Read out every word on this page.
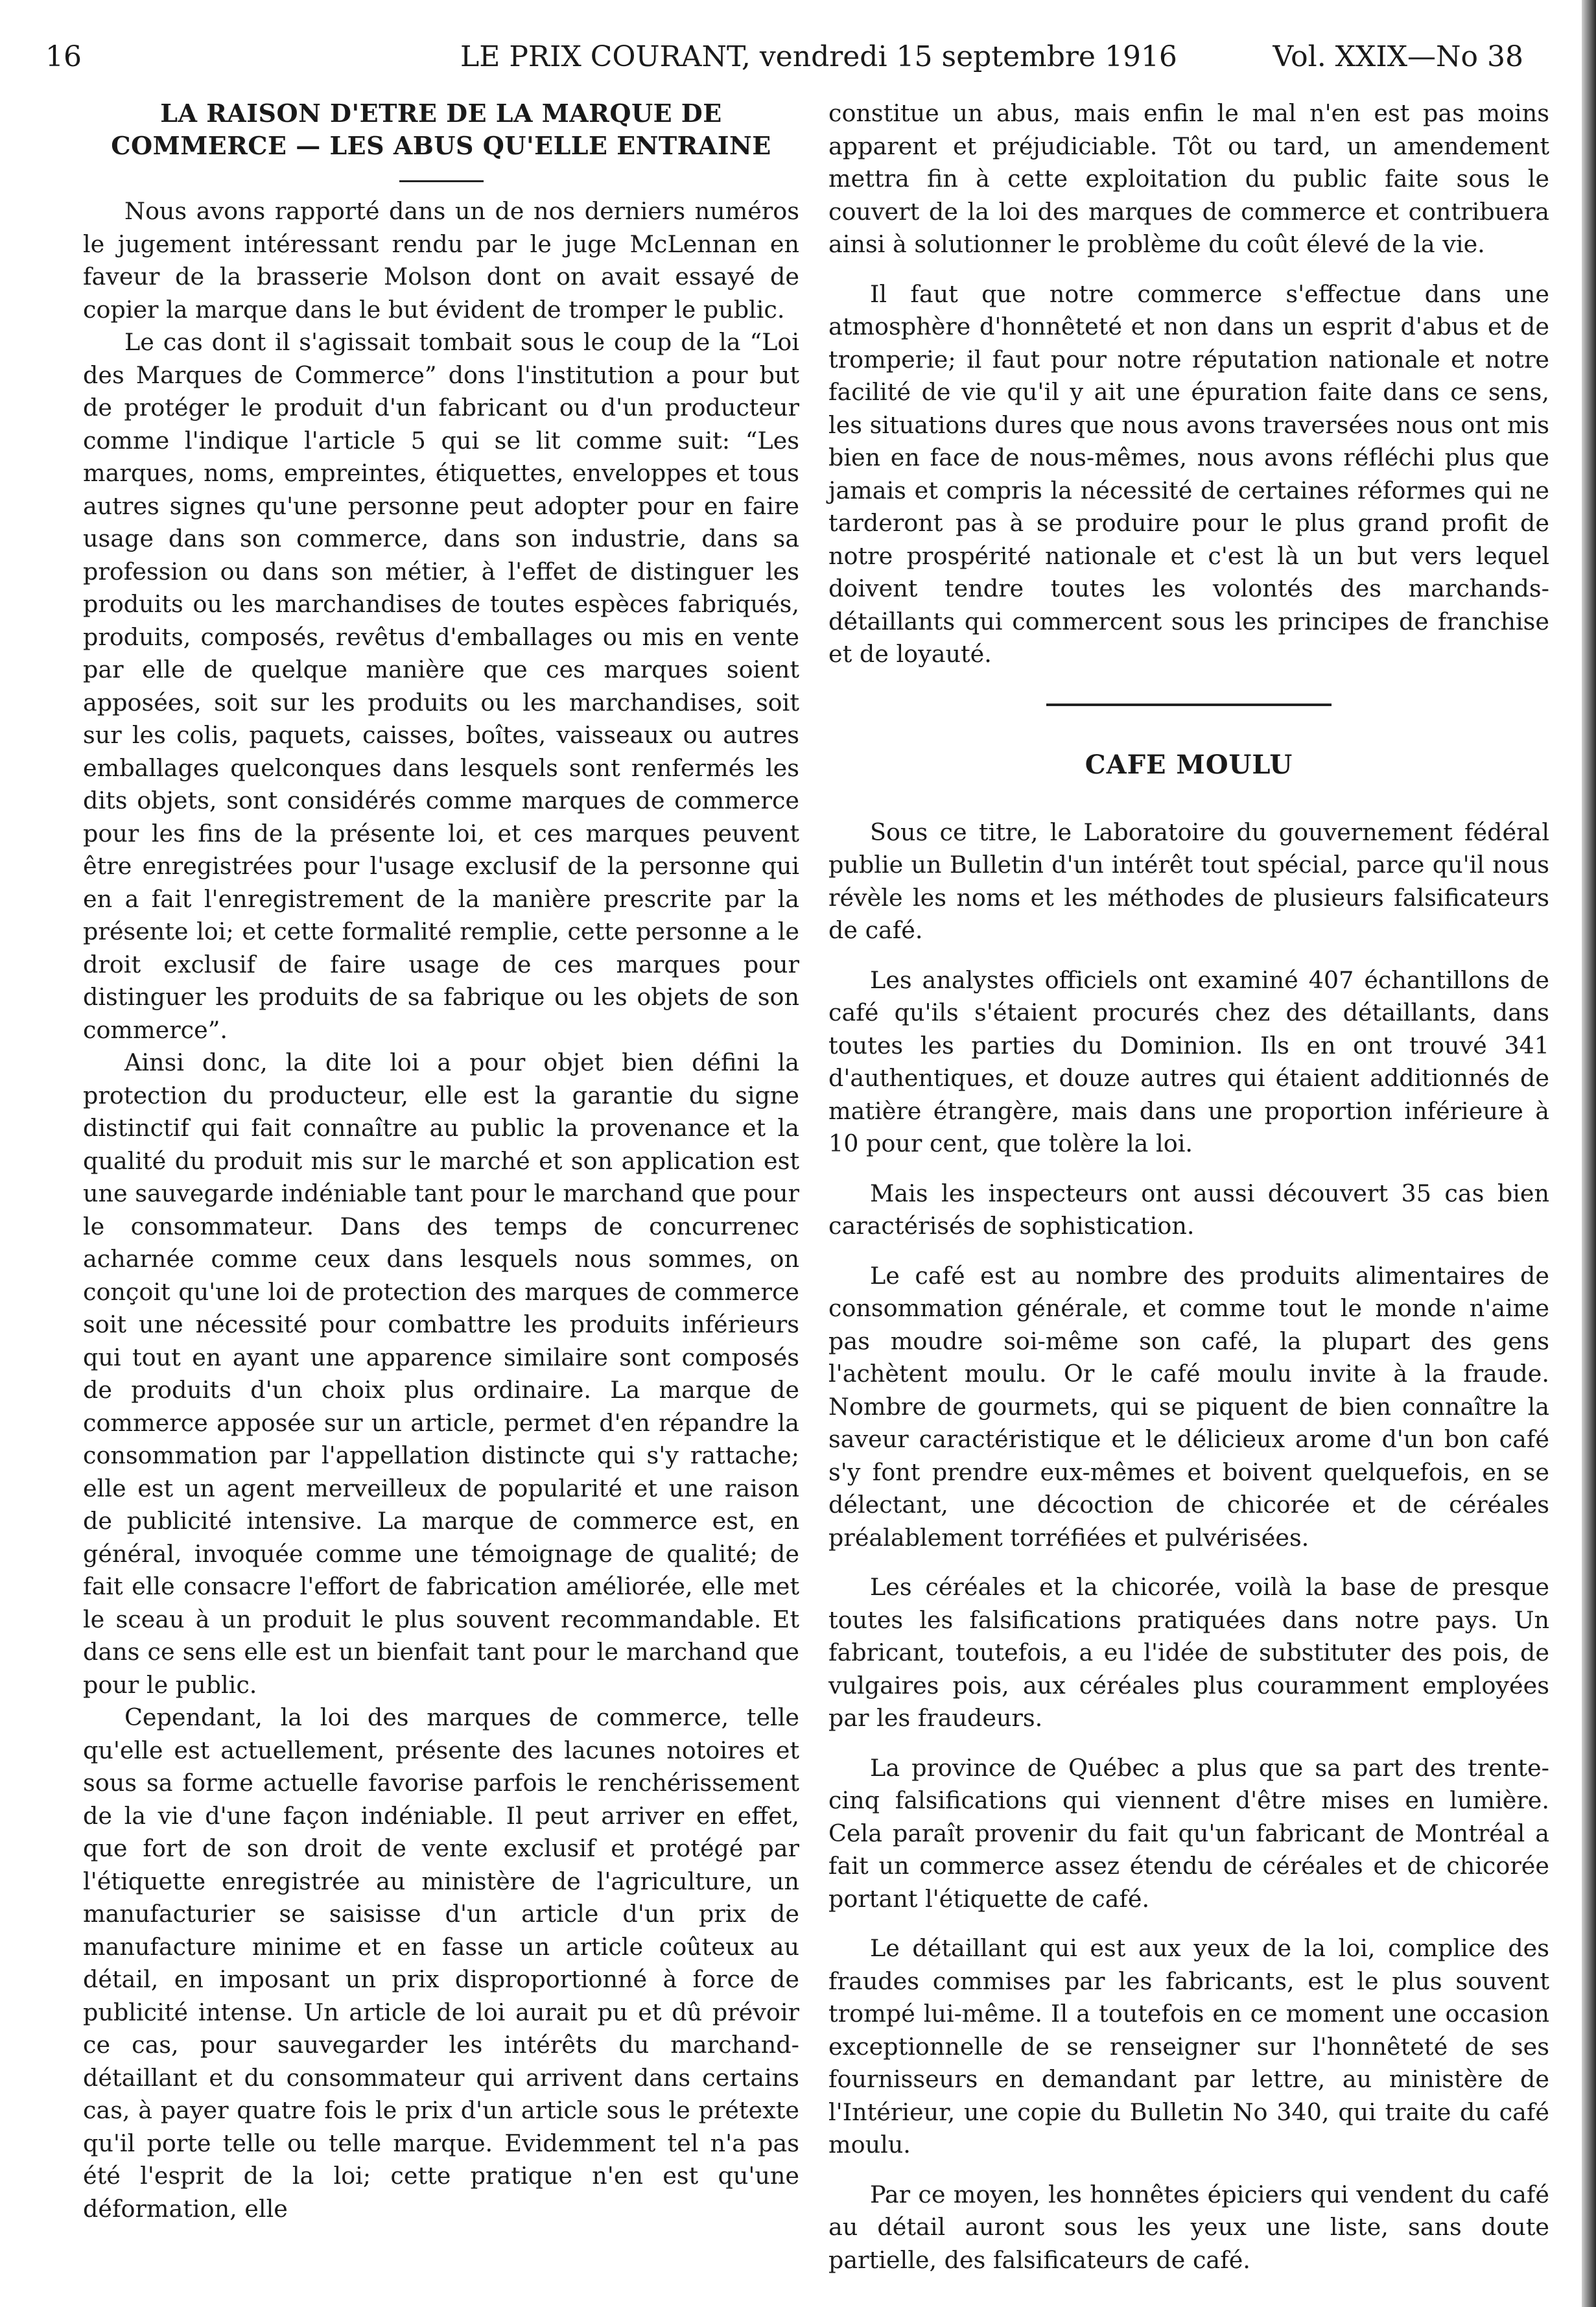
16	LE PRIX COURANT, vendredi 15 septembre 1916	Vol. XXIX—No 38
LA RAISON D'ETRE DE LA MARQUE DE COMMERCE — LES ABUS QU'ELLE ENTRAINE

Nous avons rapporté dans un de nos derniers numéros le jugement intéressant rendu par le juge McLennan en faveur de la brasserie Molson dont on avait essayé de copier la marque dans le but évident de tromper le public.

Le cas dont il s'agissait tombait sous le coup de la “Loi des Marques de Commerce” dons l'institution a pour but de protéger le produit d'un fabricant ou d'un producteur comme l'indique l'article 5 qui se lit comme suit: “Les marques, noms, empreintes, étiquettes, enveloppes et tous autres signes qu'une personne peut adopter pour en faire usage dans son commerce, dans son industrie, dans sa profession ou dans son métier, à l'effet de distinguer les produits ou les marchandises de toutes espèces fabriqués, produits, composés, revêtus d'emballages ou mis en vente par elle de quelque manière que ces marques soient apposées, soit sur les produits ou les marchandises, soit sur les colis, paquets, caisses, boîtes, vaisseaux ou autres emballages quelconques dans lesquels sont renfermés les dits objets, sont considérés comme marques de commerce pour les fins de la présente loi, et ces marques peuvent être enregistrées pour l'usage exclusif de la personne qui en a fait l'enregistrement de la manière prescrite par la présente loi; et cette formalité remplie, cette personne a le droit exclusif de faire usage de ces marques pour distinguer les produits de sa fabrique ou les objets de son commerce”.

Ainsi donc, la dite loi a pour objet bien défini la protection du producteur, elle est la garantie du signe distinctif qui fait connaître au public la provenance et la qualité du produit mis sur le marché et son application est une sauvegarde indéniable tant pour le marchand que pour le consommateur. Dans des temps de concurrenec acharnée comme ceux dans lesquels nous sommes, on conçoit qu'une loi de protection des marques de commerce soit une nécessité pour combattre les produits inférieurs qui tout en ayant une apparence similaire sont composés de produits d'un choix plus ordinaire. La marque de commerce apposée sur un article, permet d'en répandre la consommation par l'appellation distincte qui s'y rattache; elle est un agent merveilleux de popularité et une raison de publicité intensive. La marque de commerce est, en général, invoquée comme une témoignage de qualité; de fait elle consacre l'effort de fabrication améliorée, elle met le sceau à un produit le plus souvent recommandable. Et dans ce sens elle est un bienfait tant pour le marchand que pour le public.

Cependant, la loi des marques de commerce, telle qu'elle est actuellement, présente des lacunes notoires et sous sa forme actuelle favorise parfois le renchérissement de la vie d'une façon indéniable. Il peut arriver en effet, que fort de son droit de vente exclusif et protégé par l'étiquette enregistrée au ministère de l'agriculture, un manufacturier se saisisse d'un article d'un prix de manufacture minime et en fasse un article coûteux au détail, en imposant un prix disproportionné à force de publicité intense. Un article de loi aurait pu et dû prévoir ce cas, pour sauvegarder les intérêts du marchand-détaillant et du consommateur qui arrivent dans certains cas, à payer quatre fois le prix d'un article sous le prétexte qu'il porte telle ou telle marque. Evidemment tel n'a pas été l'esprit de la loi; cette pratique n'en est qu'une déformation, elle

constitue un abus, mais enfin le mal n'en est pas moins apparent et préjudiciable. Tôt ou tard, un amendement mettra fin à cette exploitation du public faite sous le couvert de la loi des marques de commerce et contribuera ainsi à solutionner le problème du coût élevé de la vie.

Il faut que notre commerce s'effectue dans une atmosphère d'honnêteté et non dans un esprit d'abus et de tromperie; il faut pour notre réputation nationale et notre facilité de vie qu'il y ait une épuration faite dans ce sens, les situations dures que nous avons traversées nous ont mis bien en face de nous-mêmes, nous avons réfléchi plus que jamais et compris la nécessité de certaines réformes qui ne tarderont pas à se produire pour le plus grand profit de notre prospérité nationale et c'est là un but vers lequel doivent tendre toutes les volontés des marchands-détaillants qui commercent sous les principes de franchise et de loyauté.

CAFE MOULU

Sous ce titre, le Laboratoire du gouvernement fédéral publie un Bulletin d'un intérêt tout spécial, parce qu'il nous révèle les noms et les méthodes de plusieurs falsificateurs de café.

Les analystes officiels ont examiné 407 échantillons de café qu'ils s'étaient procurés chez des détaillants, dans toutes les parties du Dominion. Ils en ont trouvé 341 d'authentiques, et douze autres qui étaient additionnés de matière étrangère, mais dans une proportion inférieure à 10 pour cent, que tolère la loi.

Mais les inspecteurs ont aussi découvert 35 cas bien caractérisés de sophistication.

Le café est au nombre des produits alimentaires de consommation générale, et comme tout le monde n'aime pas moudre soi-même son café, la plupart des gens l'achètent moulu. Or le café moulu invite à la fraude. Nombre de gourmets, qui se piquent de bien connaître la saveur caractéristique et le délicieux arome d'un bon café s'y font prendre eux-mêmes et boivent quelquefois, en se délectant, une décoction de chicorée et de céréales préalablement torréfiées et pulvérisées.

Les céréales et la chicorée, voilà la base de presque toutes les falsifications pratiquées dans notre pays. Un fabricant, toutefois, a eu l'idée de substituter des pois, de vulgaires pois, aux céréales plus couramment employées par les fraudeurs.

La province de Québec a plus que sa part des trente-cinq falsifications qui viennent d'être mises en lumière. Cela paraît provenir du fait qu'un fabricant de Montréal a fait un commerce assez étendu de céréales et de chicorée portant l'étiquette de café.

Le détaillant qui est aux yeux de la loi, complice des fraudes commises par les fabricants, est le plus souvent trompé lui-même. Il a toutefois en ce moment une occasion exceptionnelle de se renseigner sur l'honnêteté de ses fournisseurs en demandant par lettre, au ministère de l'Intérieur, une copie du Bulletin No 340, qui traite du café moulu.

Par ce moyen, les honnêtes épiciers qui vendent du café au détail auront sous les yeux une liste, sans doute partielle, des falsificateurs de café.
